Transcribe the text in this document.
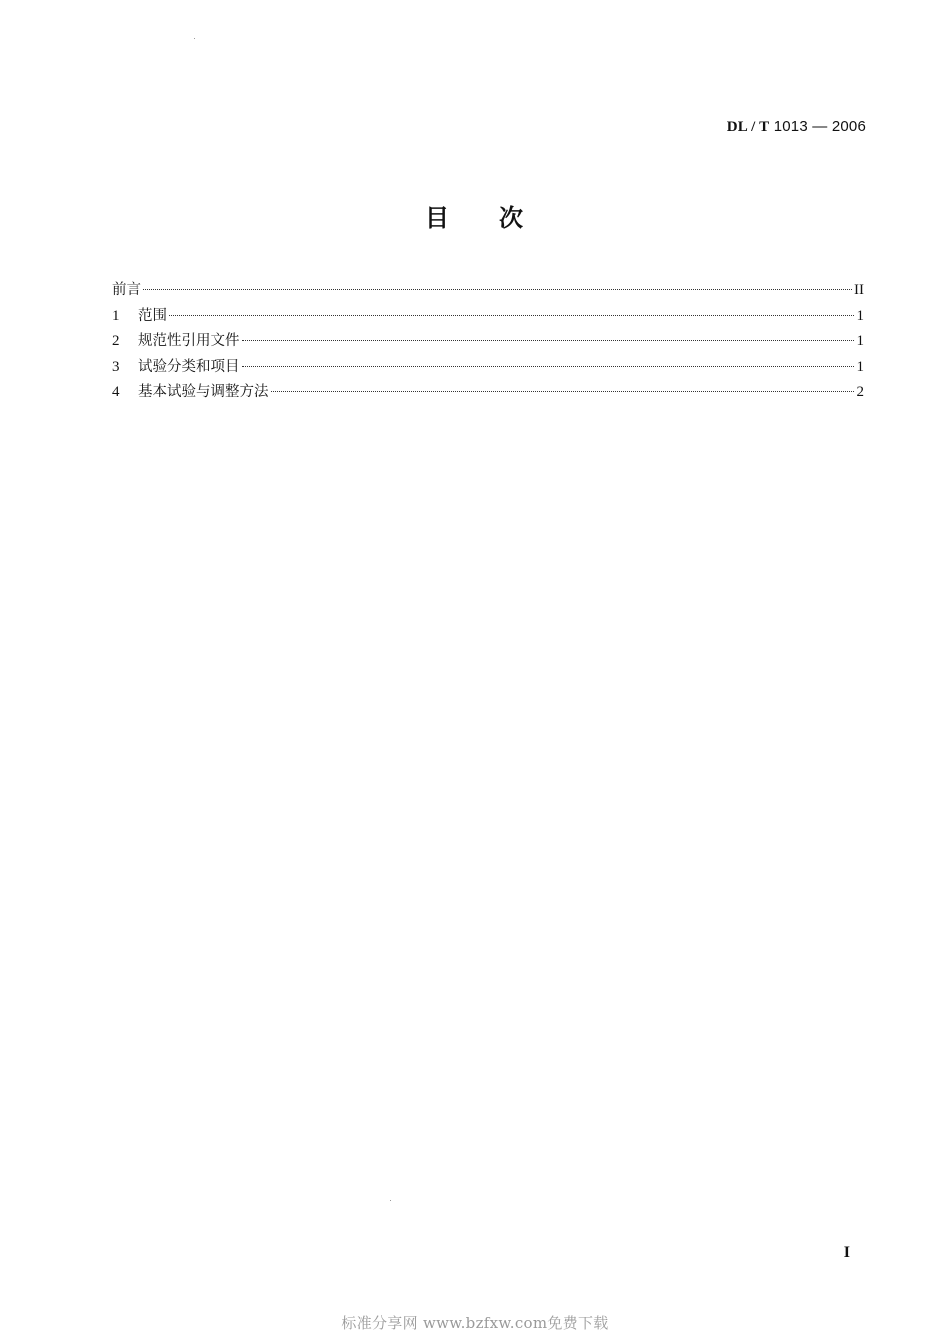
DL / T 1013 — 2006
目 次
前言	II
1	范围	1
2	规范性引用文件	1
3	试验分类和项目	1
4	基本试验与调整方法	2
I
标准分享网 www.bzfxw.com免费下载
